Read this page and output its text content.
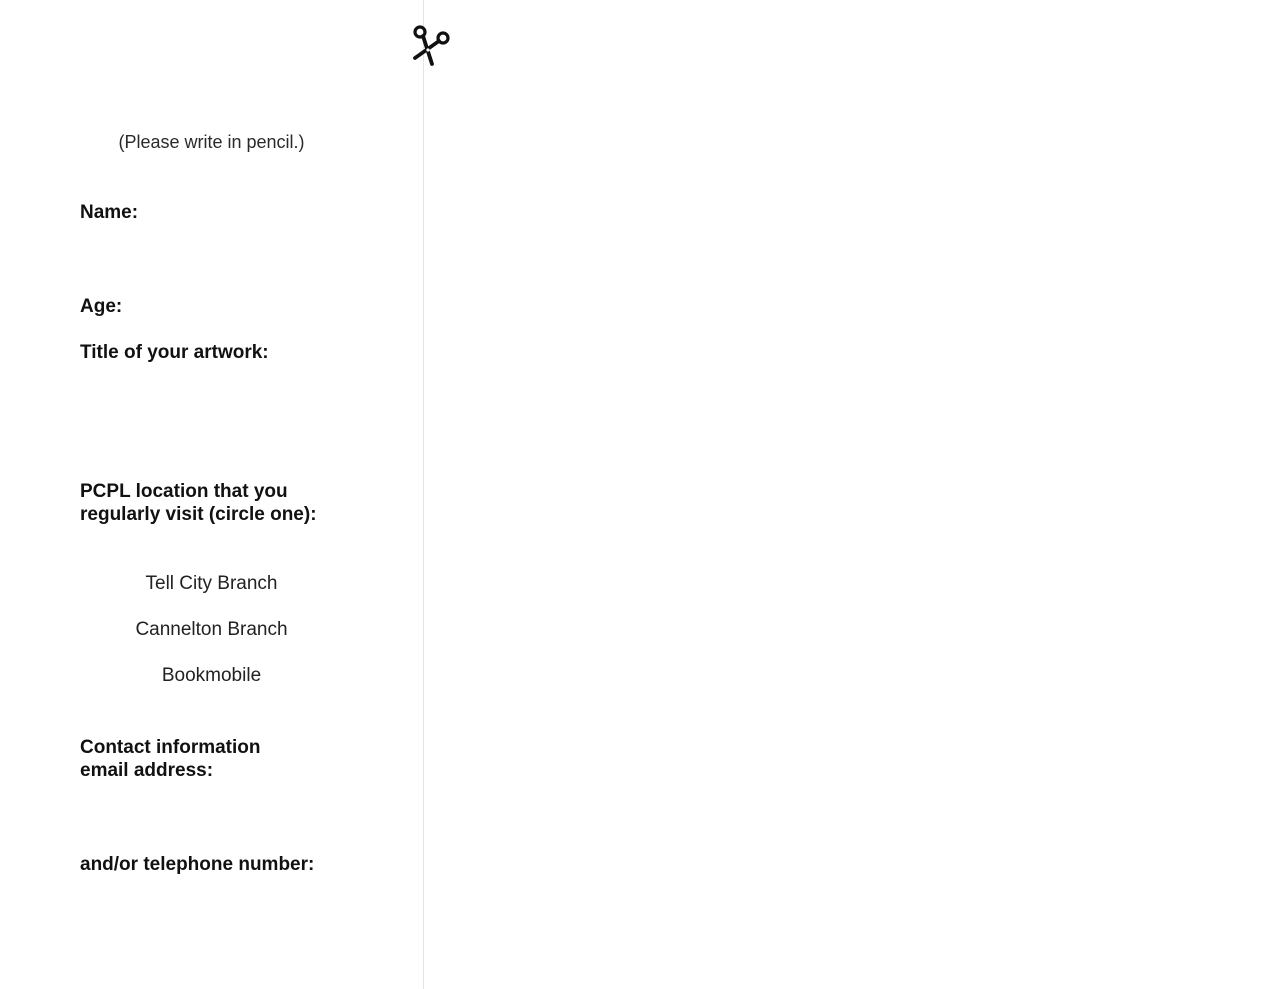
(Please write in pencil.)
Name:
Age:
Title of your artwork:
PCPL location that you
regularly visit (circle one):
Tell City Branch
Cannelton Branch
Bookmobile
Contact information
email address:
and/or telephone number:
